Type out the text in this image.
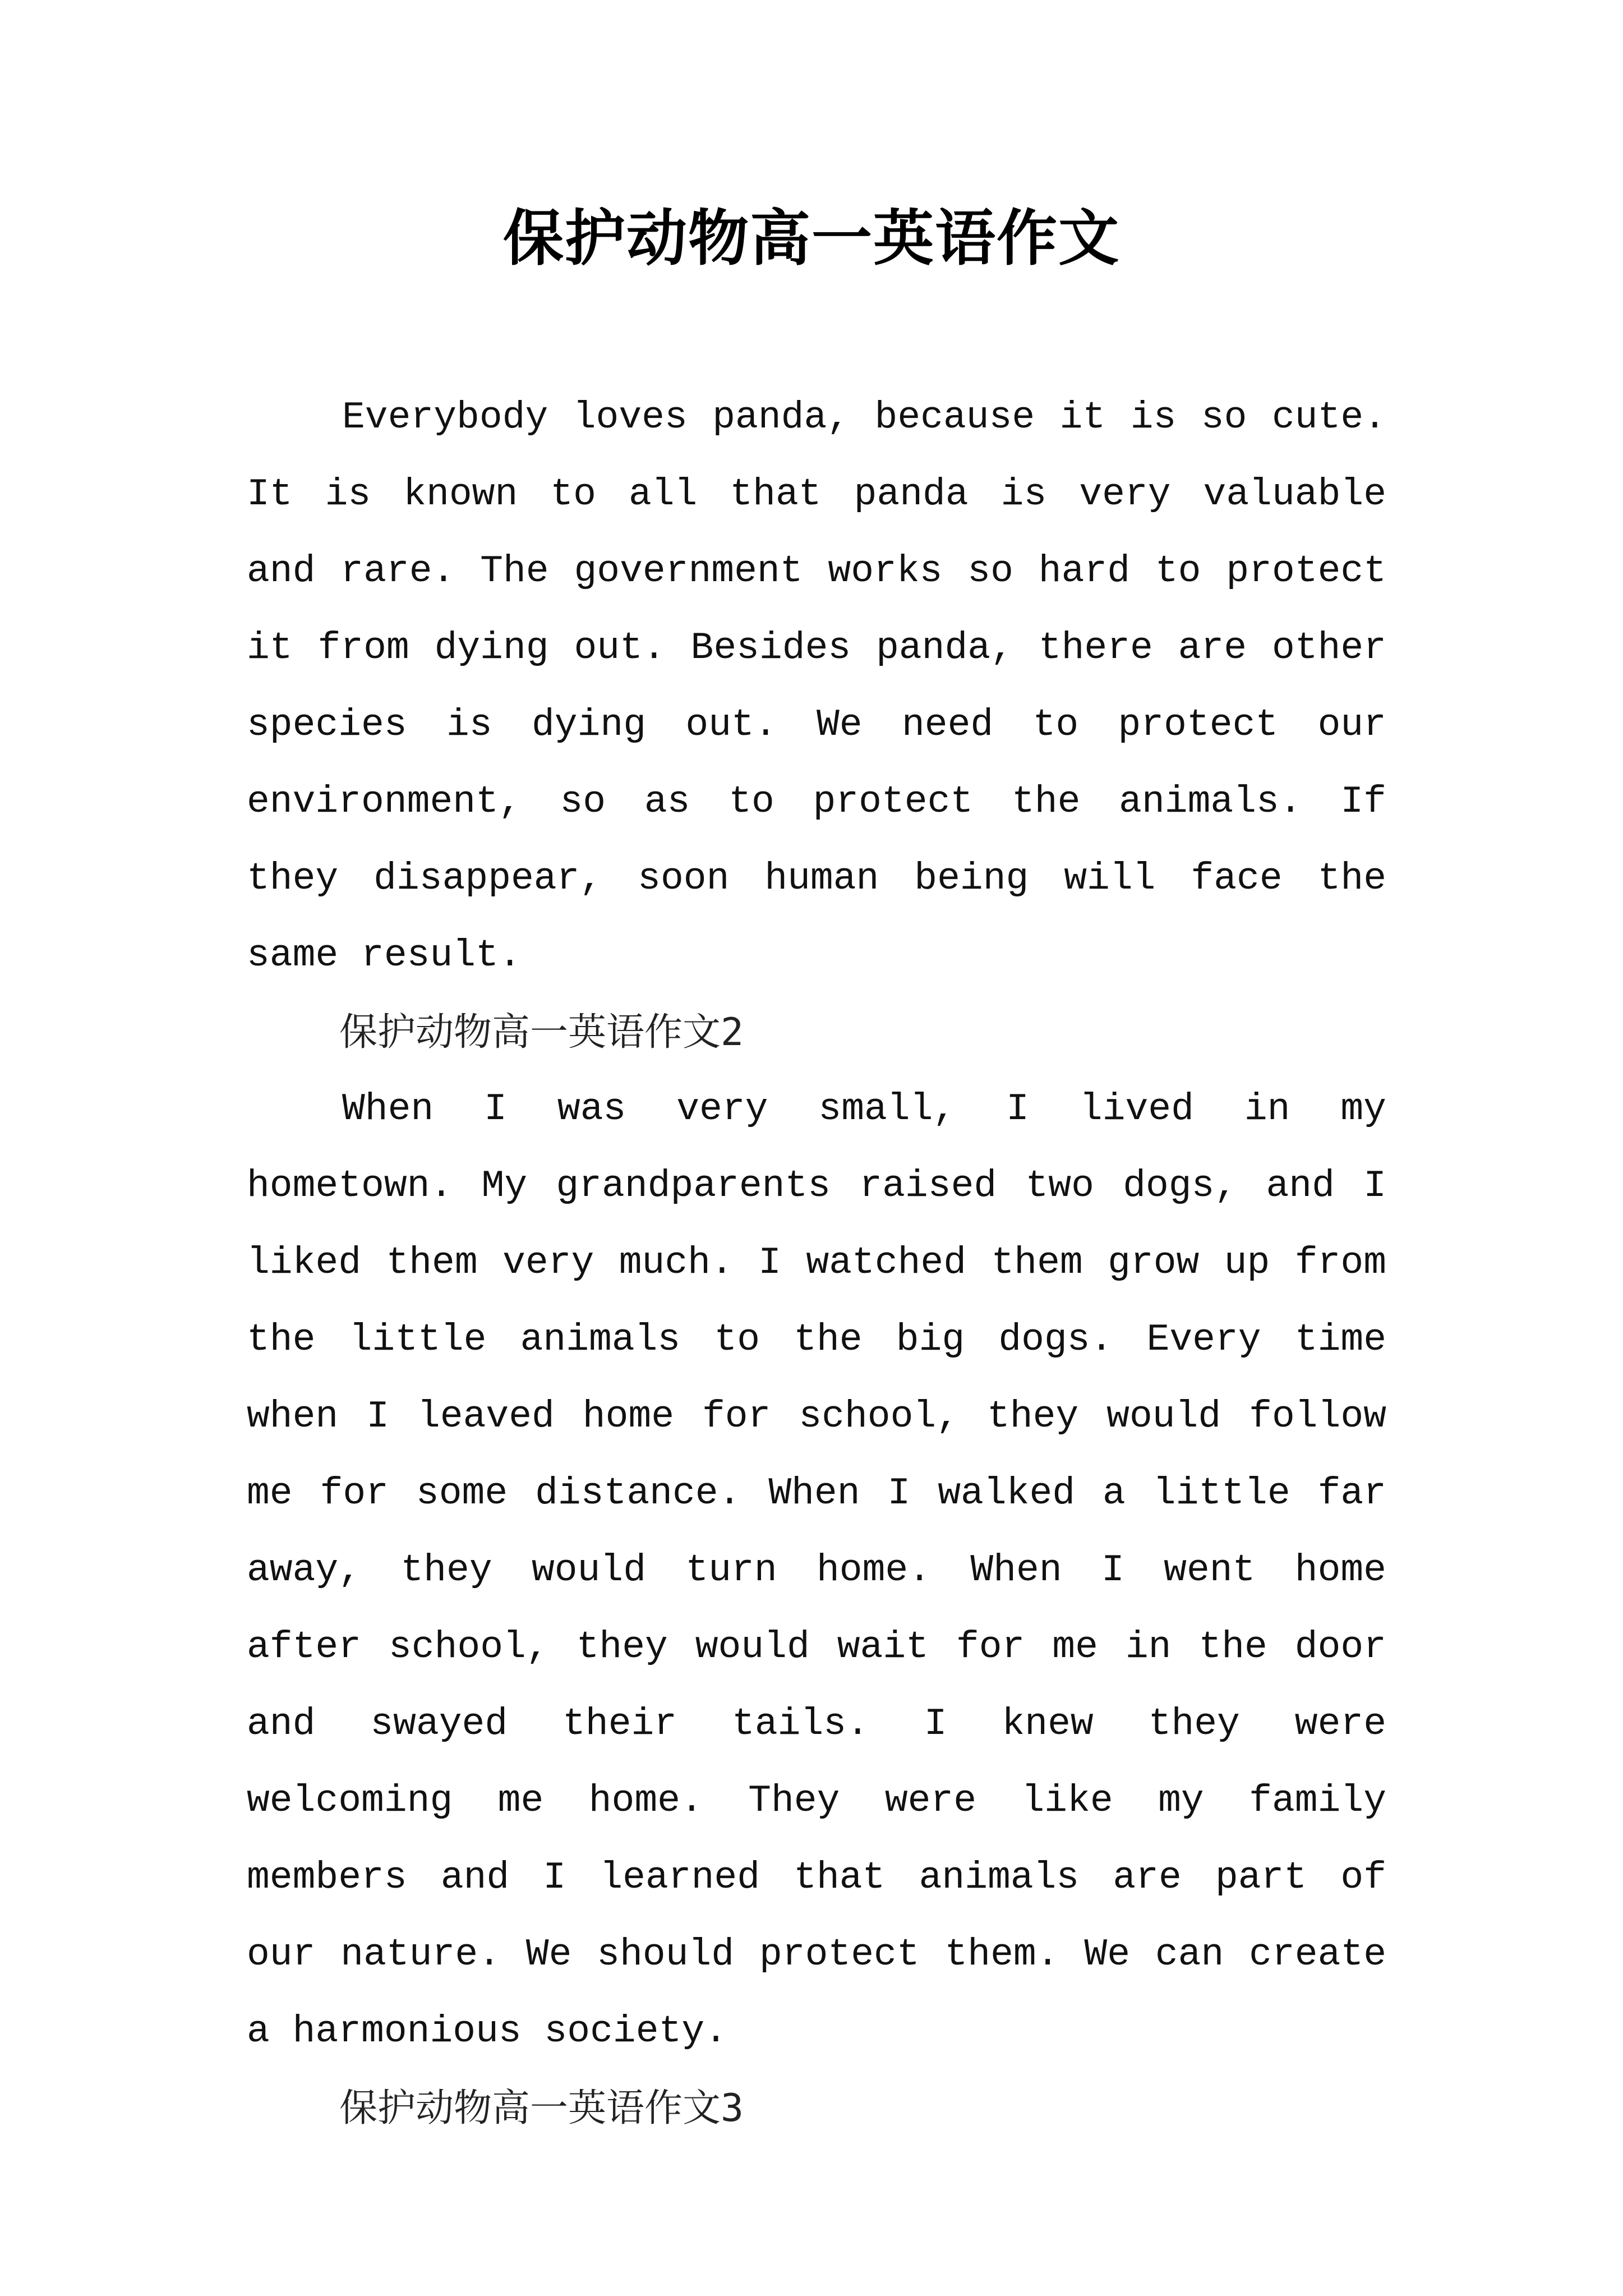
保护动物高一英语作文

Everybody loves panda, because it is so cute. It is known to all that panda is very valuable and rare. The government works so hard to protect it from dying out. Besides panda, there are other species is dying out. We need to protect our environment, so as to protect the animals. If they disappear, soon human being will face the same result.

保护动物高一英语作文2

When I was very small, I lived in my hometown. My grandparents raised two dogs, and I liked them very much. I watched them grow up from the little animals to the big dogs. Every time when I leaved home for school, they would follow me for some distance. When I walked a little far away, they would turn home. When I went home after school, they would wait for me in the door and swayed their tails. I knew they were welcoming me home. They were like my family members and I learned that animals are part of our nature. We should protect them. We can create a harmonious society.

保护动物高一英语作文3
